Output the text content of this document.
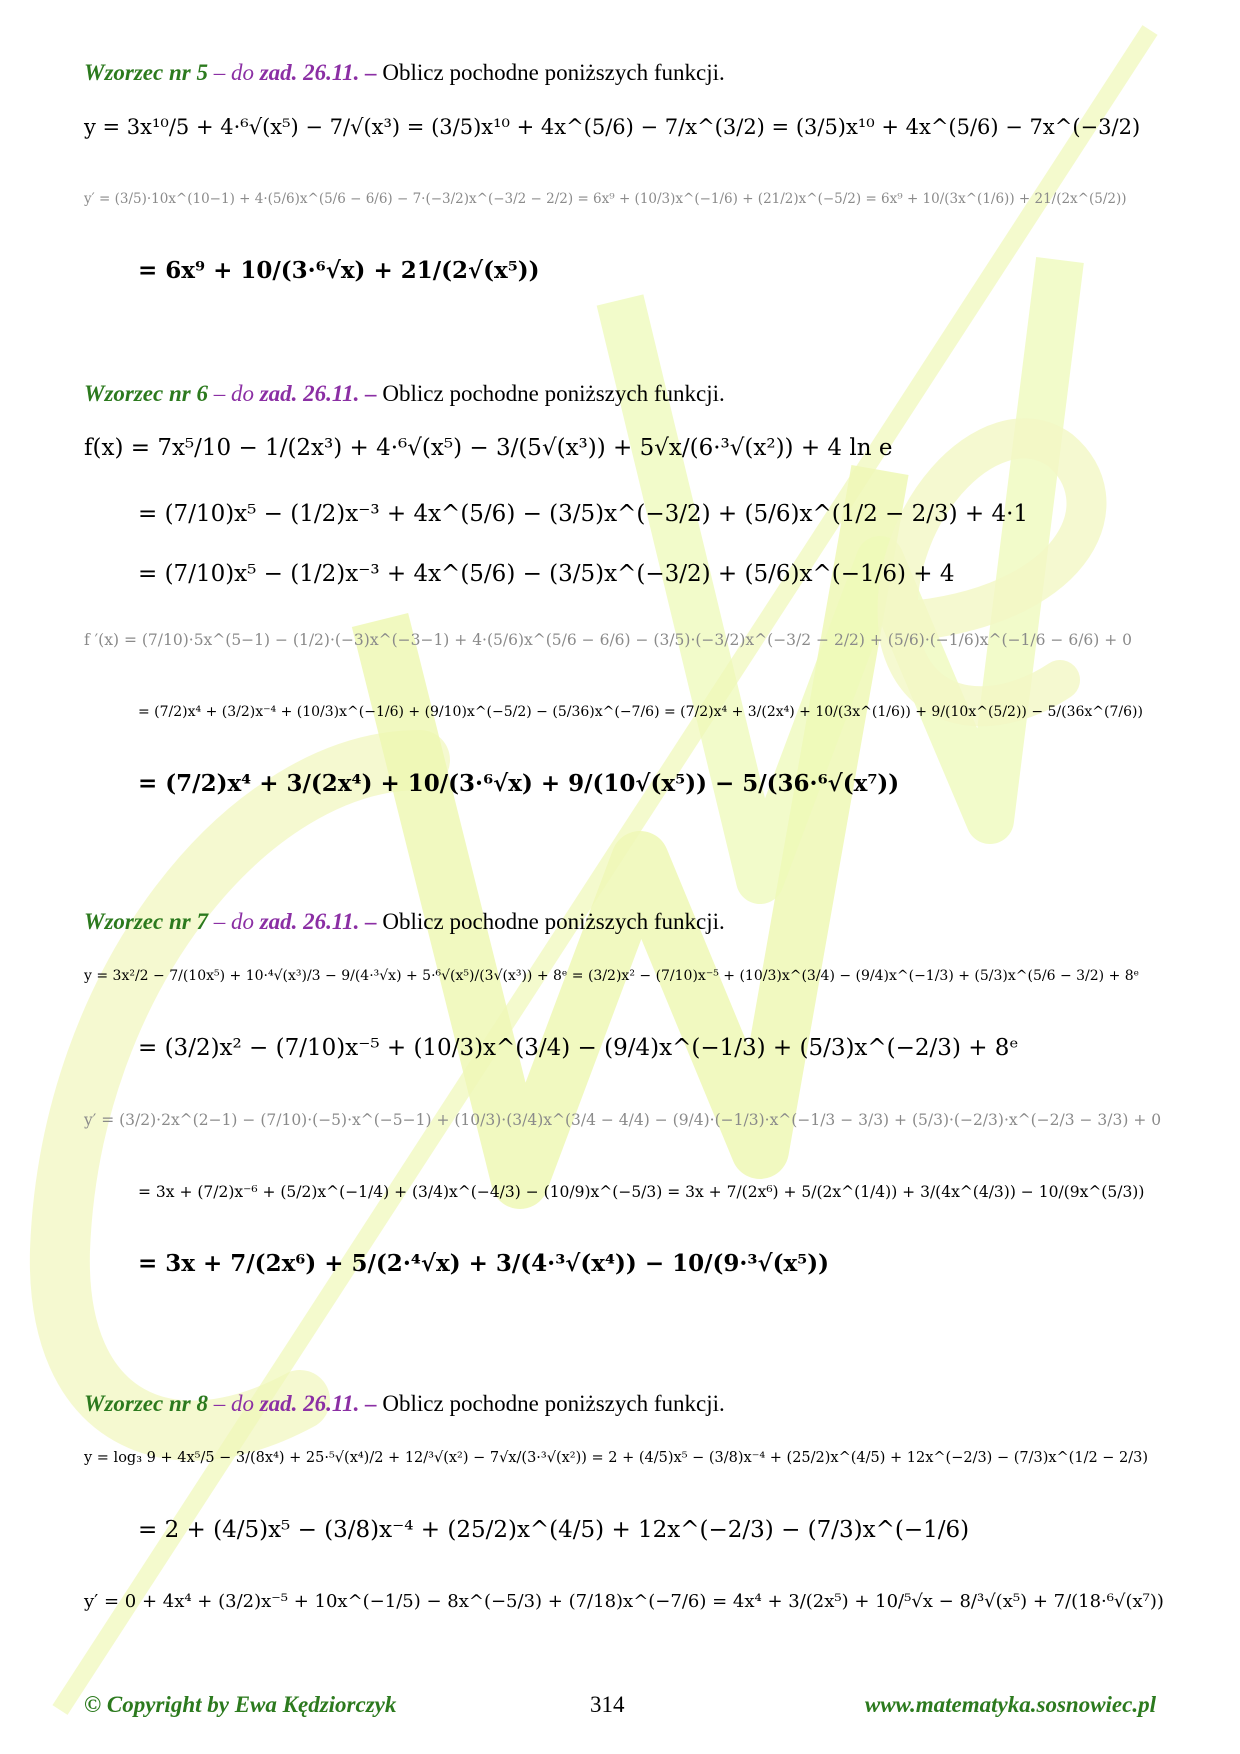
Wzorzec nr 5 – do zad. 26.11. – Oblicz pochodne poniższych funkcji.
y = 3x¹⁰/5 + 4·⁶√(x⁵) − 7/√(x³) = (3/5)x¹⁰ + 4x^(5/6) − 7/x^(3/2) = (3/5)x¹⁰ + 4x^(5/6) − 7x^(−3/2)
y′ = (3/5)·10x^(10−1) + 4·(5/6)x^(5/6 − 6/6) − 7·(−3/2)x^(−3/2 − 2/2) = 6x⁹ + (10/3)x^(−1/6) + (21/2)x^(−5/2) = 6x⁹ + 10/(3x^(1/6)) + 21/(2x^(5/2))
= 6x⁹ + 10/(3·⁶√x) + 21/(2√(x⁵))
Wzorzec nr 6 – do zad. 26.11. – Oblicz pochodne poniższych funkcji.
f(x) = 7x⁵/10 − 1/(2x³) + 4·⁶√(x⁵) − 3/(5√(x³)) + 5√x/(6·³√(x²)) + 4 ln e
= (7/10)x⁵ − (1/2)x⁻³ + 4x^(5/6) − (3/5)x^(−3/2) + (5/6)x^(1/2 − 2/3) + 4·1
= (7/10)x⁵ − (1/2)x⁻³ + 4x^(5/6) − (3/5)x^(−3/2) + (5/6)x^(−1/6) + 4
f ′(x) = (7/10)·5x^(5−1) − (1/2)·(−3)x^(−3−1) + 4·(5/6)x^(5/6 − 6/6) − (3/5)·(−3/2)x^(−3/2 − 2/2) + (5/6)·(−1/6)x^(−1/6 − 6/6) + 0
= (7/2)x⁴ + (3/2)x⁻⁴ + (10/3)x^(−1/6) + (9/10)x^(−5/2) − (5/36)x^(−7/6) = (7/2)x⁴ + 3/(2x⁴) + 10/(3x^(1/6)) + 9/(10x^(5/2)) − 5/(36x^(7/6))
= (7/2)x⁴ + 3/(2x⁴) + 10/(3·⁶√x) + 9/(10√(x⁵)) − 5/(36·⁶√(x⁷))
Wzorzec nr 7 – do zad. 26.11. – Oblicz pochodne poniższych funkcji.
y = 3x²/2 − 7/(10x⁵) + 10·⁴√(x³)/3 − 9/(4·³√x) + 5·⁶√(x⁵)/(3√(x³)) + 8ᵉ = (3/2)x² − (7/10)x⁻⁵ + (10/3)x^(3/4) − (9/4)x^(−1/3) + (5/3)x^(5/6 − 3/2) + 8ᵉ
= (3/2)x² − (7/10)x⁻⁵ + (10/3)x^(3/4) − (9/4)x^(−1/3) + (5/3)x^(−2/3) + 8ᵉ
y′ = (3/2)·2x^(2−1) − (7/10)·(−5)·x^(−5−1) + (10/3)·(3/4)x^(3/4 − 4/4) − (9/4)·(−1/3)·x^(−1/3 − 3/3) + (5/3)·(−2/3)·x^(−2/3 − 3/3) + 0
= 3x + (7/2)x⁻⁶ + (5/2)x^(−1/4) + (3/4)x^(−4/3) − (10/9)x^(−5/3) = 3x + 7/(2x⁶) + 5/(2x^(1/4)) + 3/(4x^(4/3)) − 10/(9x^(5/3))
= 3x + 7/(2x⁶) + 5/(2·⁴√x) + 3/(4·³√(x⁴)) − 10/(9·³√(x⁵))
Wzorzec nr 8 – do zad. 26.11. – Oblicz pochodne poniższych funkcji.
y = log₃ 9 + 4x⁵/5 − 3/(8x⁴) + 25·⁵√(x⁴)/2 + 12/³√(x²) − 7√x/(3·³√(x²)) = 2 + (4/5)x⁵ − (3/8)x⁻⁴ + (25/2)x^(4/5) + 12x^(−2/3) − (7/3)x^(1/2 − 2/3)
= 2 + (4/5)x⁵ − (3/8)x⁻⁴ + (25/2)x^(4/5) + 12x^(−2/3) − (7/3)x^(−1/6)
y′ = 0 + 4x⁴ + (3/2)x⁻⁵ + 10x^(−1/5) − 8x^(−5/3) + (7/18)x^(−7/6) = 4x⁴ + 3/(2x⁵) + 10/⁵√x − 8/³√(x⁵) + 7/(18·⁶√(x⁷))
© Copyright by Ewa Kędziorczyk	314	www.matematyka.sosnowiec.pl
